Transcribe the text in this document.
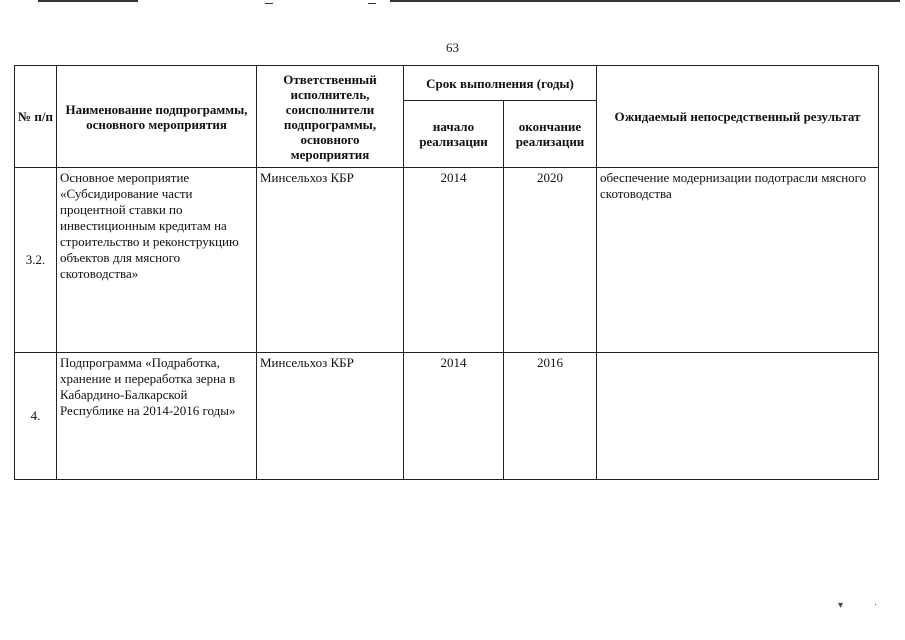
63
№ п/п	Наименование подпрограммы, основного мероприятия	Ответственный исполнитель, соисполнители подпрограммы, основного мероприятия	Срок выполнения (годы)		Ожидаемый непосредственный результат
			начало реализации	окончание реализации	
3.2.	Основное мероприятие «Субсидирование части процентной ставки по инвестиционным кредитам на строительство и реконструкцию объектов для мясного скотоводства»	Минсельхоз КБР	2014	2020	обеспечение модернизации подотрасли мясного скотоводства
4.	Подпрограмма «Подработка, хранение и переработка зерна в Кабардино-Балкарской Республике на 2014-2016 годы»	Минсельхоз КБР	2014	2016	
▾	·
